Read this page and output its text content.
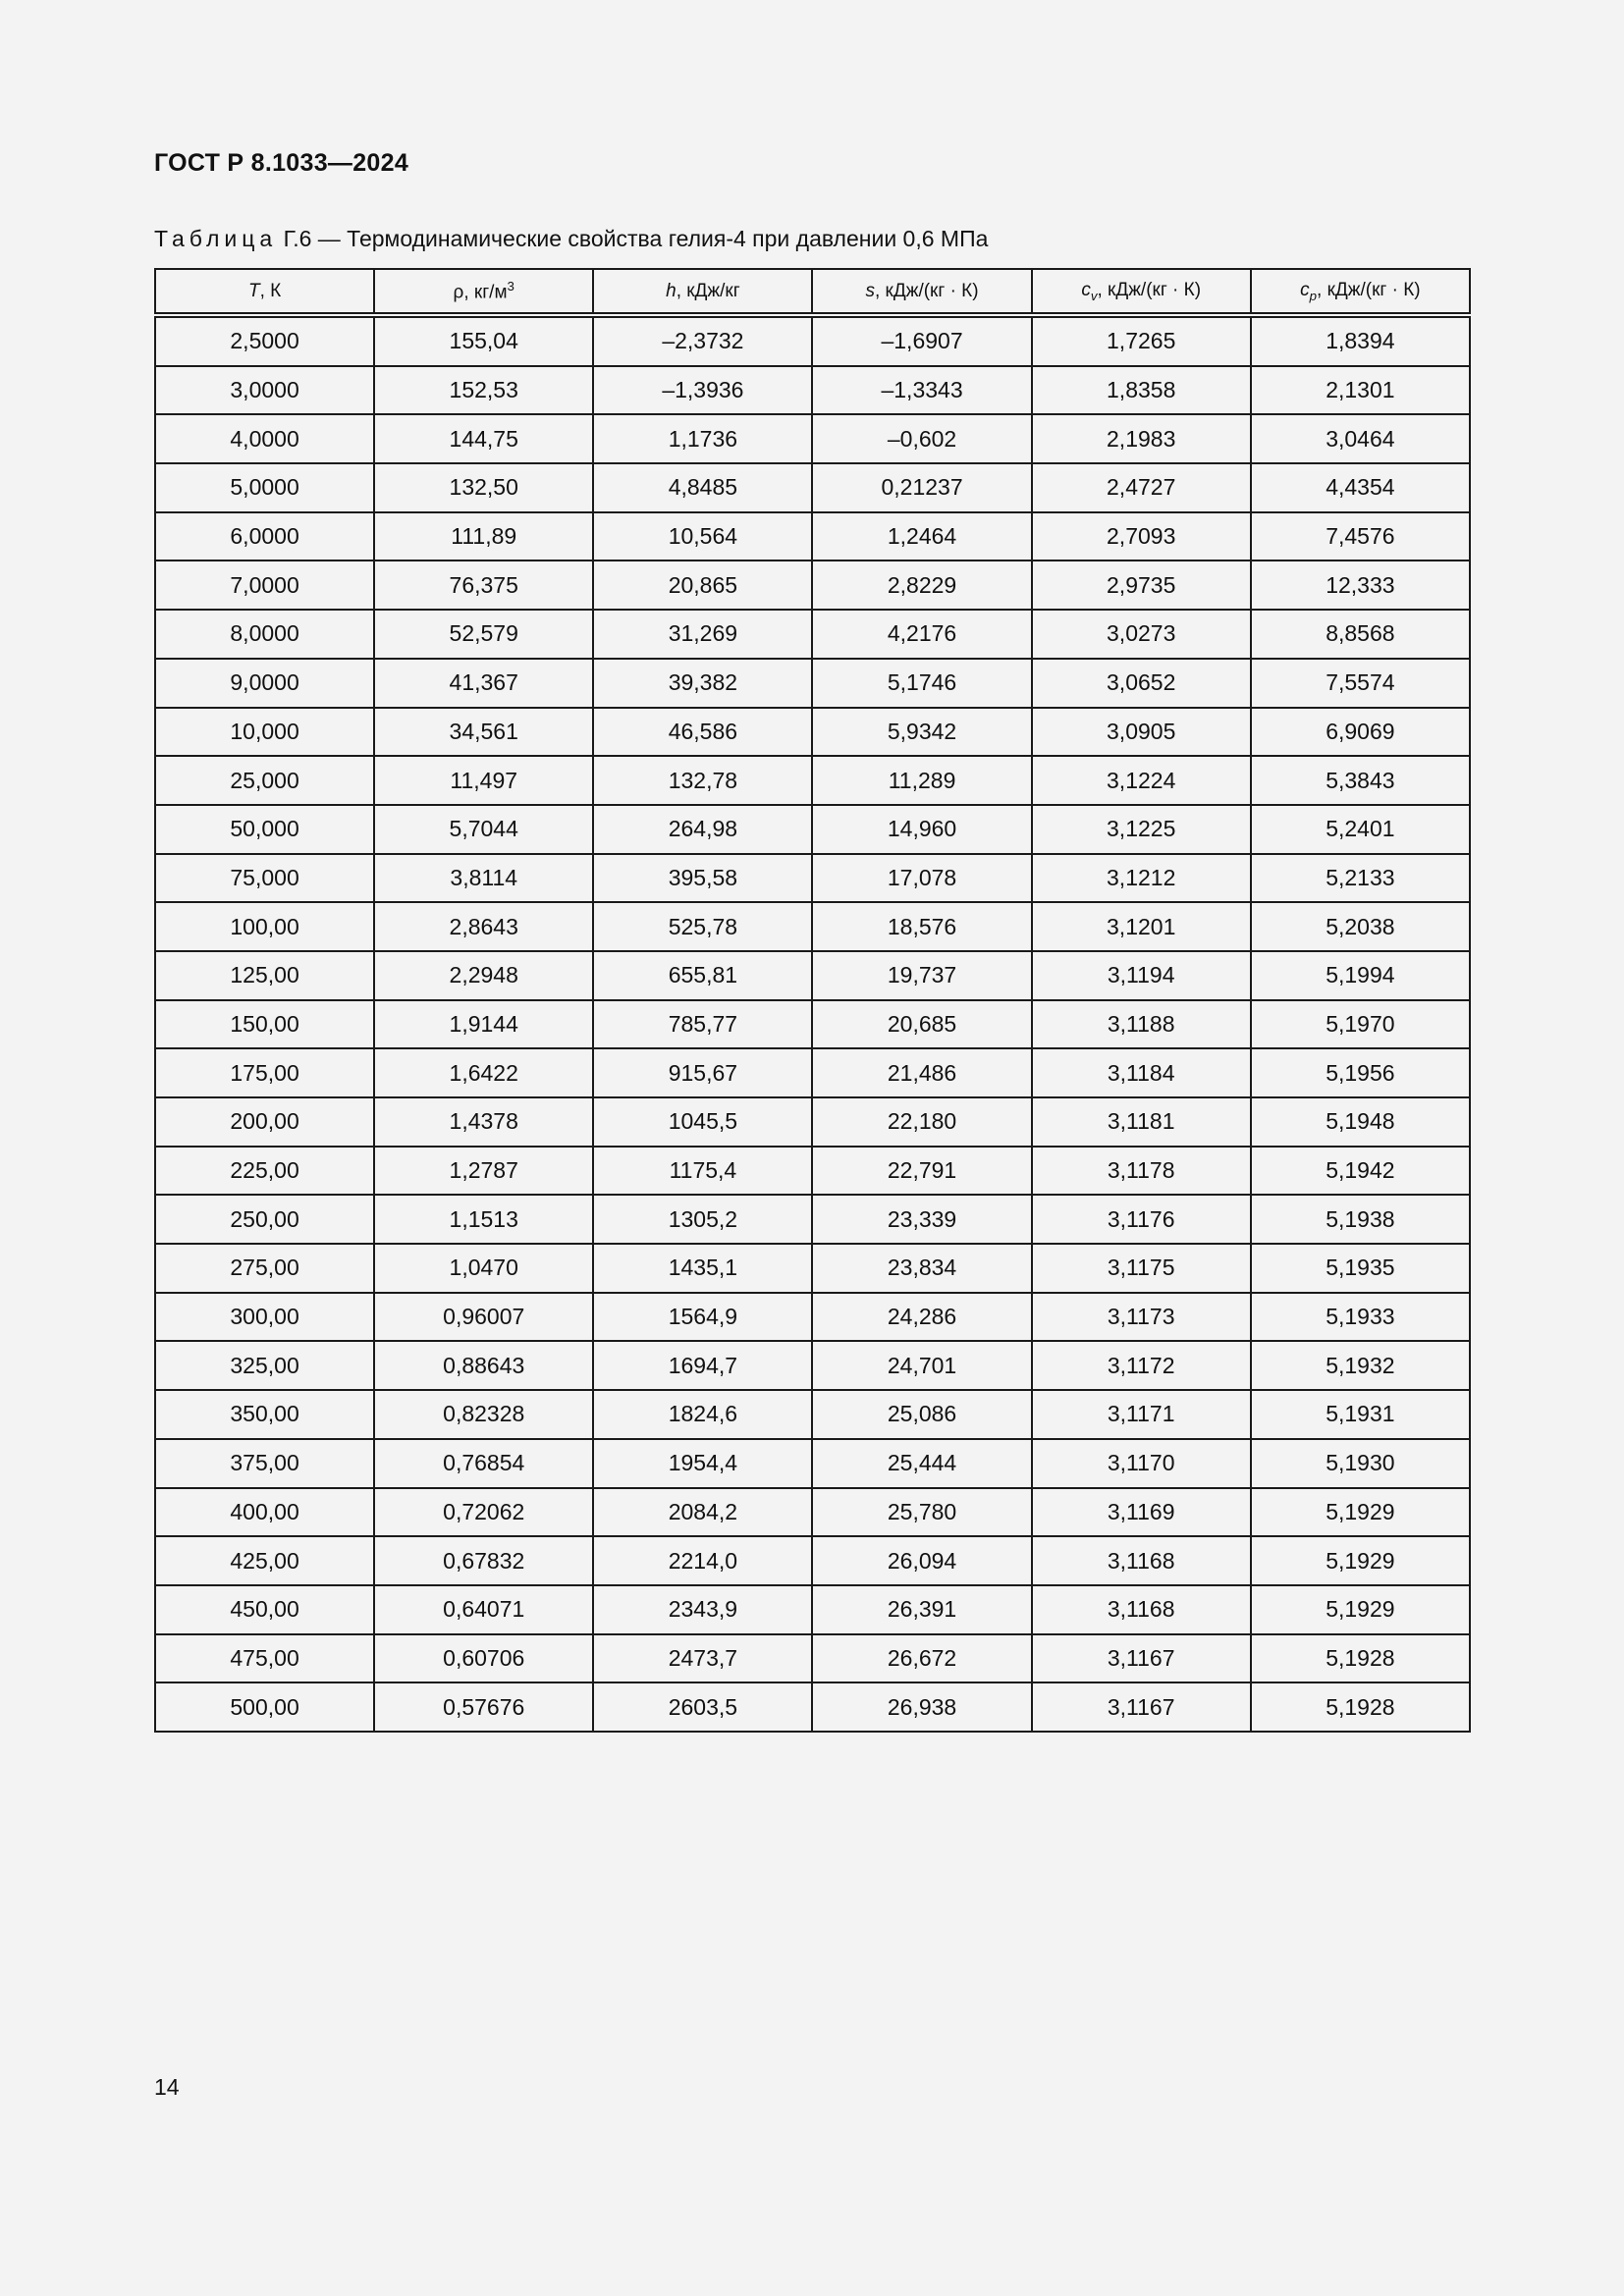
ГОСТ Р 8.1033—2024
Таблица Г.6 — Термодинамические свойства гелия-4 при давлении 0,6 МПа
T, К	ρ, $кг/м^3$	h, кДж/кг	s, кДж/(кг · К)	$c_v$, кДж/(кг · К)	$c_p$, кДж/(кг · К)
2,5000	155,04	–2,3732	–1,6907	1,7265	1,8394
3,0000	152,53	–1,3936	–1,3343	1,8358	2,1301
4,0000	144,75	1,1736	–0,602	2,1983	3,0464
5,0000	132,50	4,8485	0,21237	2,4727	4,4354
6,0000	111,89	10,564	1,2464	2,7093	7,4576
7,0000	76,375	20,865	2,8229	2,9735	12,333
8,0000	52,579	31,269	4,2176	3,0273	8,8568
9,0000	41,367	39,382	5,1746	3,0652	7,5574
10,000	34,561	46,586	5,9342	3,0905	6,9069
25,000	11,497	132,78	11,289	3,1224	5,3843
50,000	5,7044	264,98	14,960	3,1225	5,2401
75,000	3,8114	395,58	17,078	3,1212	5,2133
100,00	2,8643	525,78	18,576	3,1201	5,2038
125,00	2,2948	655,81	19,737	3,1194	5,1994
150,00	1,9144	785,77	20,685	3,1188	5,1970
175,00	1,6422	915,67	21,486	3,1184	5,1956
200,00	1,4378	1045,5	22,180	3,1181	5,1948
225,00	1,2787	1175,4	22,791	3,1178	5,1942
250,00	1,1513	1305,2	23,339	3,1176	5,1938
275,00	1,0470	1435,1	23,834	3,1175	5,1935
300,00	0,96007	1564,9	24,286	3,1173	5,1933
325,00	0,88643	1694,7	24,701	3,1172	5,1932
350,00	0,82328	1824,6	25,086	3,1171	5,1931
375,00	0,76854	1954,4	25,444	3,1170	5,1930
400,00	0,72062	2084,2	25,780	3,1169	5,1929
425,00	0,67832	2214,0	26,094	3,1168	5,1929
450,00	0,64071	2343,9	26,391	3,1168	5,1929
475,00	0,60706	2473,7	26,672	3,1167	5,1928
500,00	0,57676	2603,5	26,938	3,1167	5,1928
14
